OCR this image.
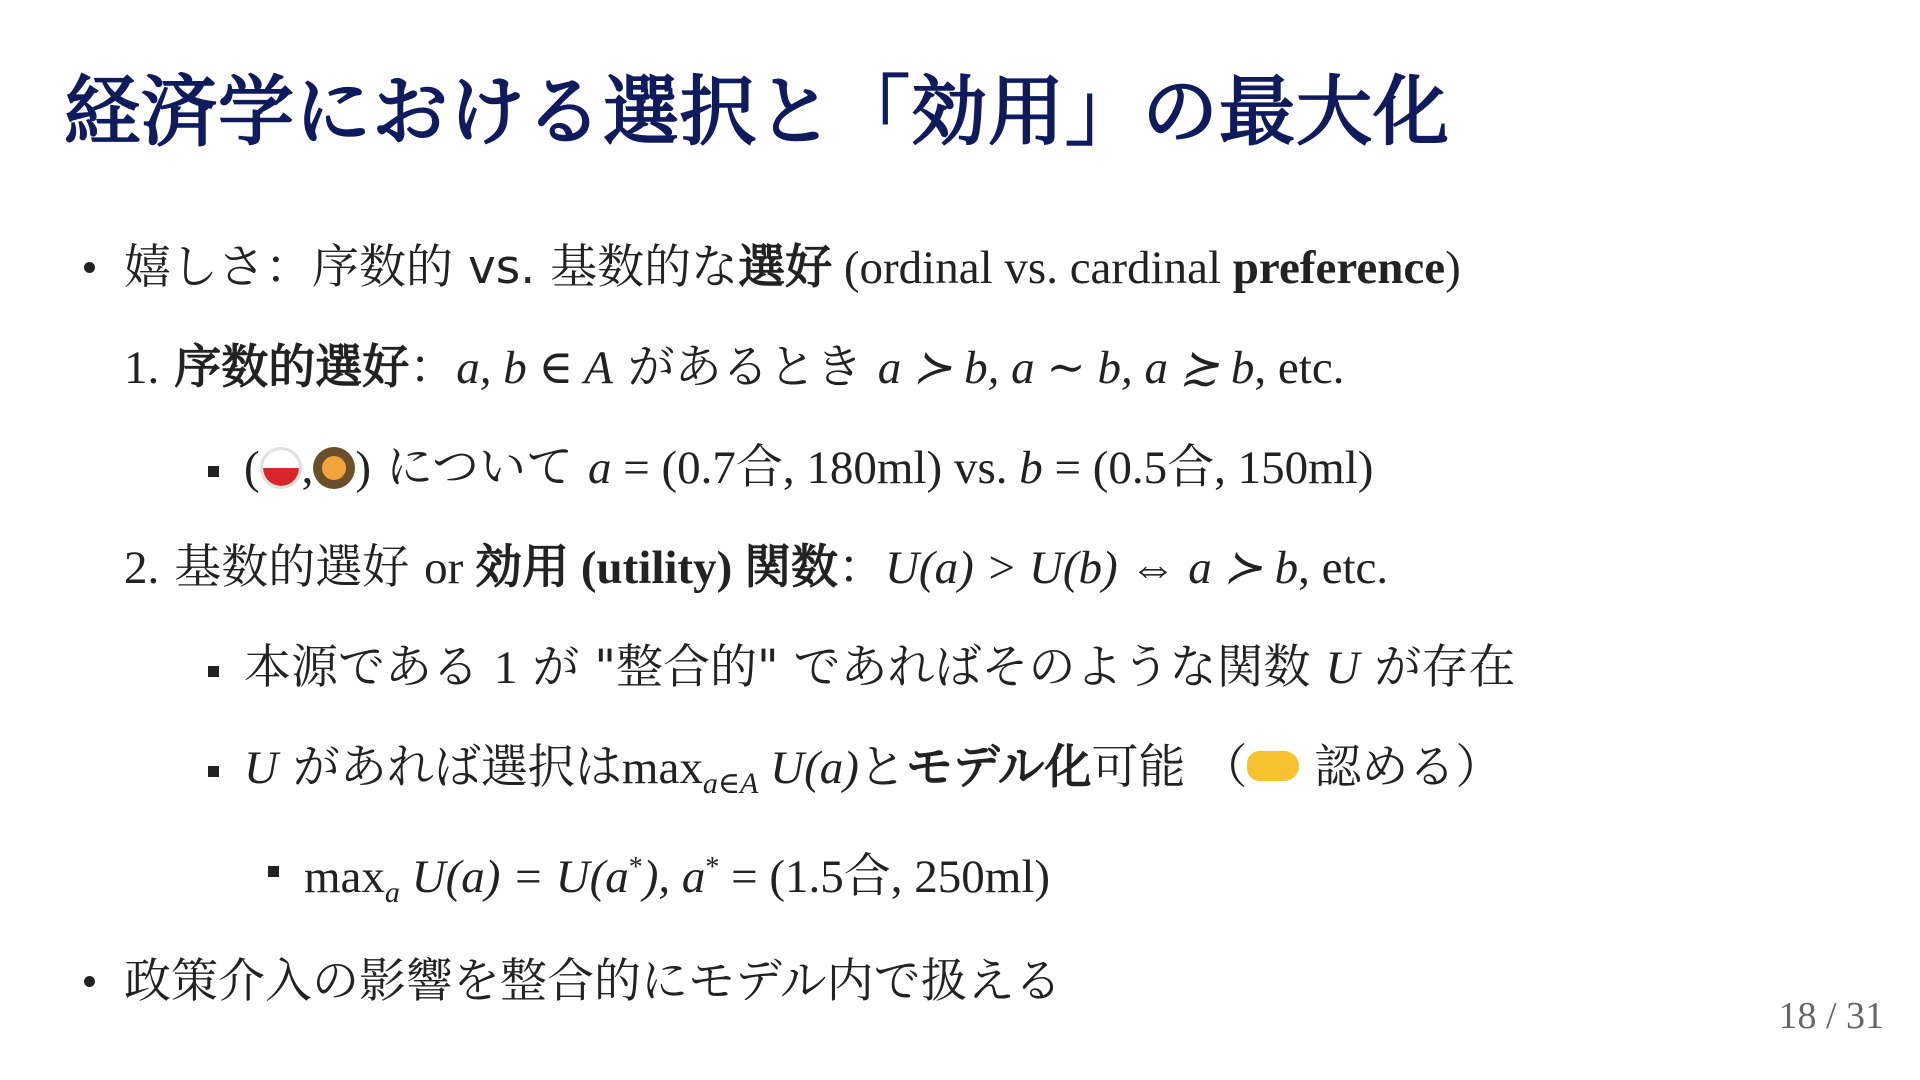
経済学における選択と「効用」の最大化
嬉しさ：序数的 vs. 基数的な選好 (ordinal vs. cardinal preference)
1. 序数的選好：a, b ∈ A があるとき a ≻ b, a ∼ b, a ≿ b, etc.
( , ) について a = (0.7合, 180ml) vs. b = (0.5合, 150ml)
2. 基数的選好 or 効用 (utility) 関数：U(a) > U(b) ⇔ a ≻ b, etc.
本源である 1 が "整合的" であればそのような関数 U が存在
U があれば選択は$\max_{a\in A} U(a)$とモデル化可能 （ 認める）
$\max_a U(a) = U(a^*)$, a* = (1.5合, 250ml)
政策介入の影響を整合的にモデル内で扱える
18 / 31
